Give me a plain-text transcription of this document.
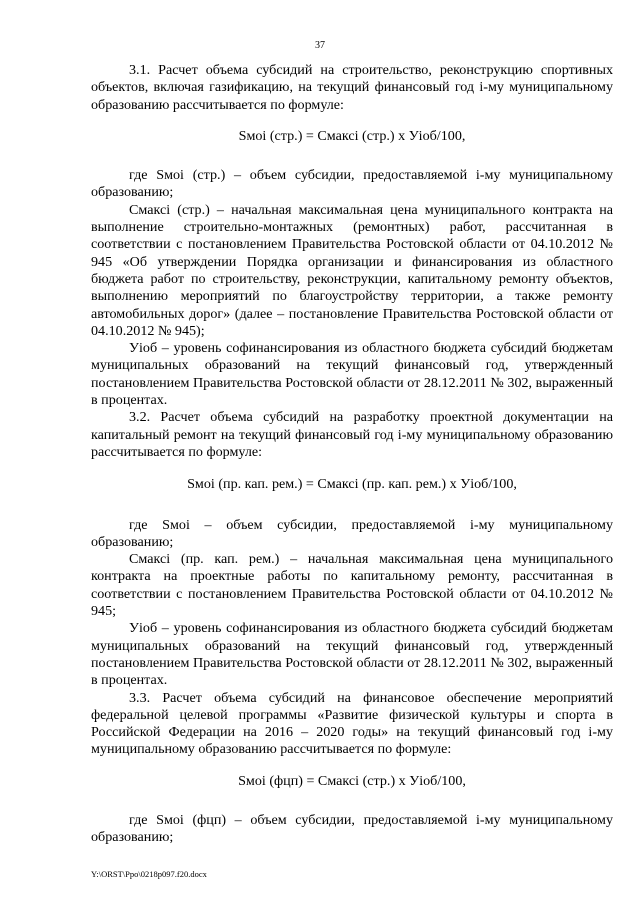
37

3.1. Расчет объема субсидий на строительство, реконструкцию спортивных объектов, включая газификацию, на текущий финансовый год i-му муниципальному образованию рассчитывается по формуле:

Sмоi (стр.) = Смаксi (стр.) х Уioб/100,

где Sмоi (стр.) – объем субсидии, предоставляемой i-му муниципальному образованию;

Смаксi (стр.) – начальная максимальная цена муниципального контракта на выполнение строительно-монтажных (ремонтных) работ, рассчитанная в соответствии с постановлением Правительства Ростовской области от 04.10.2012 № 945 «Об утверждении Порядка организации и финансирования из областного бюджета работ по строительству, реконструкции, капитальному ремонту объектов, выполнению мероприятий по благоустройству территории, а также ремонту автомобильных дорог» (далее – постановление Правительства Ростовской области от 04.10.2012 № 945);

Уioб – уровень софинансирования из областного бюджета субсидий бюджетам муниципальных образований на текущий финансовый год, утвержденный постановлением Правительства Ростовской области от 28.12.2011 № 302, выраженный в процентах.

3.2. Расчет объема субсидий на разработку проектной документации на капитальный ремонт на текущий финансовый год i-му муниципальному образованию рассчитывается по формуле:

Sмоi (пр. кап. рем.) = Смаксi (пр. кап. рем.) х Уioб/100,

где Sмоi – объем субсидии, предоставляемой i-му муниципальному образованию;

Смаксi (пр. кап. рем.) – начальная максимальная цена муниципального контракта на проектные работы по капитальному ремонту, рассчитанная в соответствии с постановлением Правительства Ростовской области от 04.10.2012 № 945;

Уioб – уровень софинансирования из областного бюджета субсидий бюджетам муниципальных образований на текущий финансовый год, утвержденный постановлением Правительства Ростовской области от 28.12.2011 № 302, выраженный в процентах.

3.3. Расчет объема субсидий на финансовое обеспечение мероприятий федеральной целевой программы «Развитие физической культуры и спорта в Российской Федерации на 2016 – 2020 годы» на текущий финансовый год i-му муниципальному образованию рассчитывается по формуле:

Sмоi (фцп) = Смаксi (стр.) х Уioб/100,

где Sмоi (фцп) – объем субсидии, предоставляемой i-му муниципальному образованию;

Y:\ORST\Ppo\0218p097.f20.docx
